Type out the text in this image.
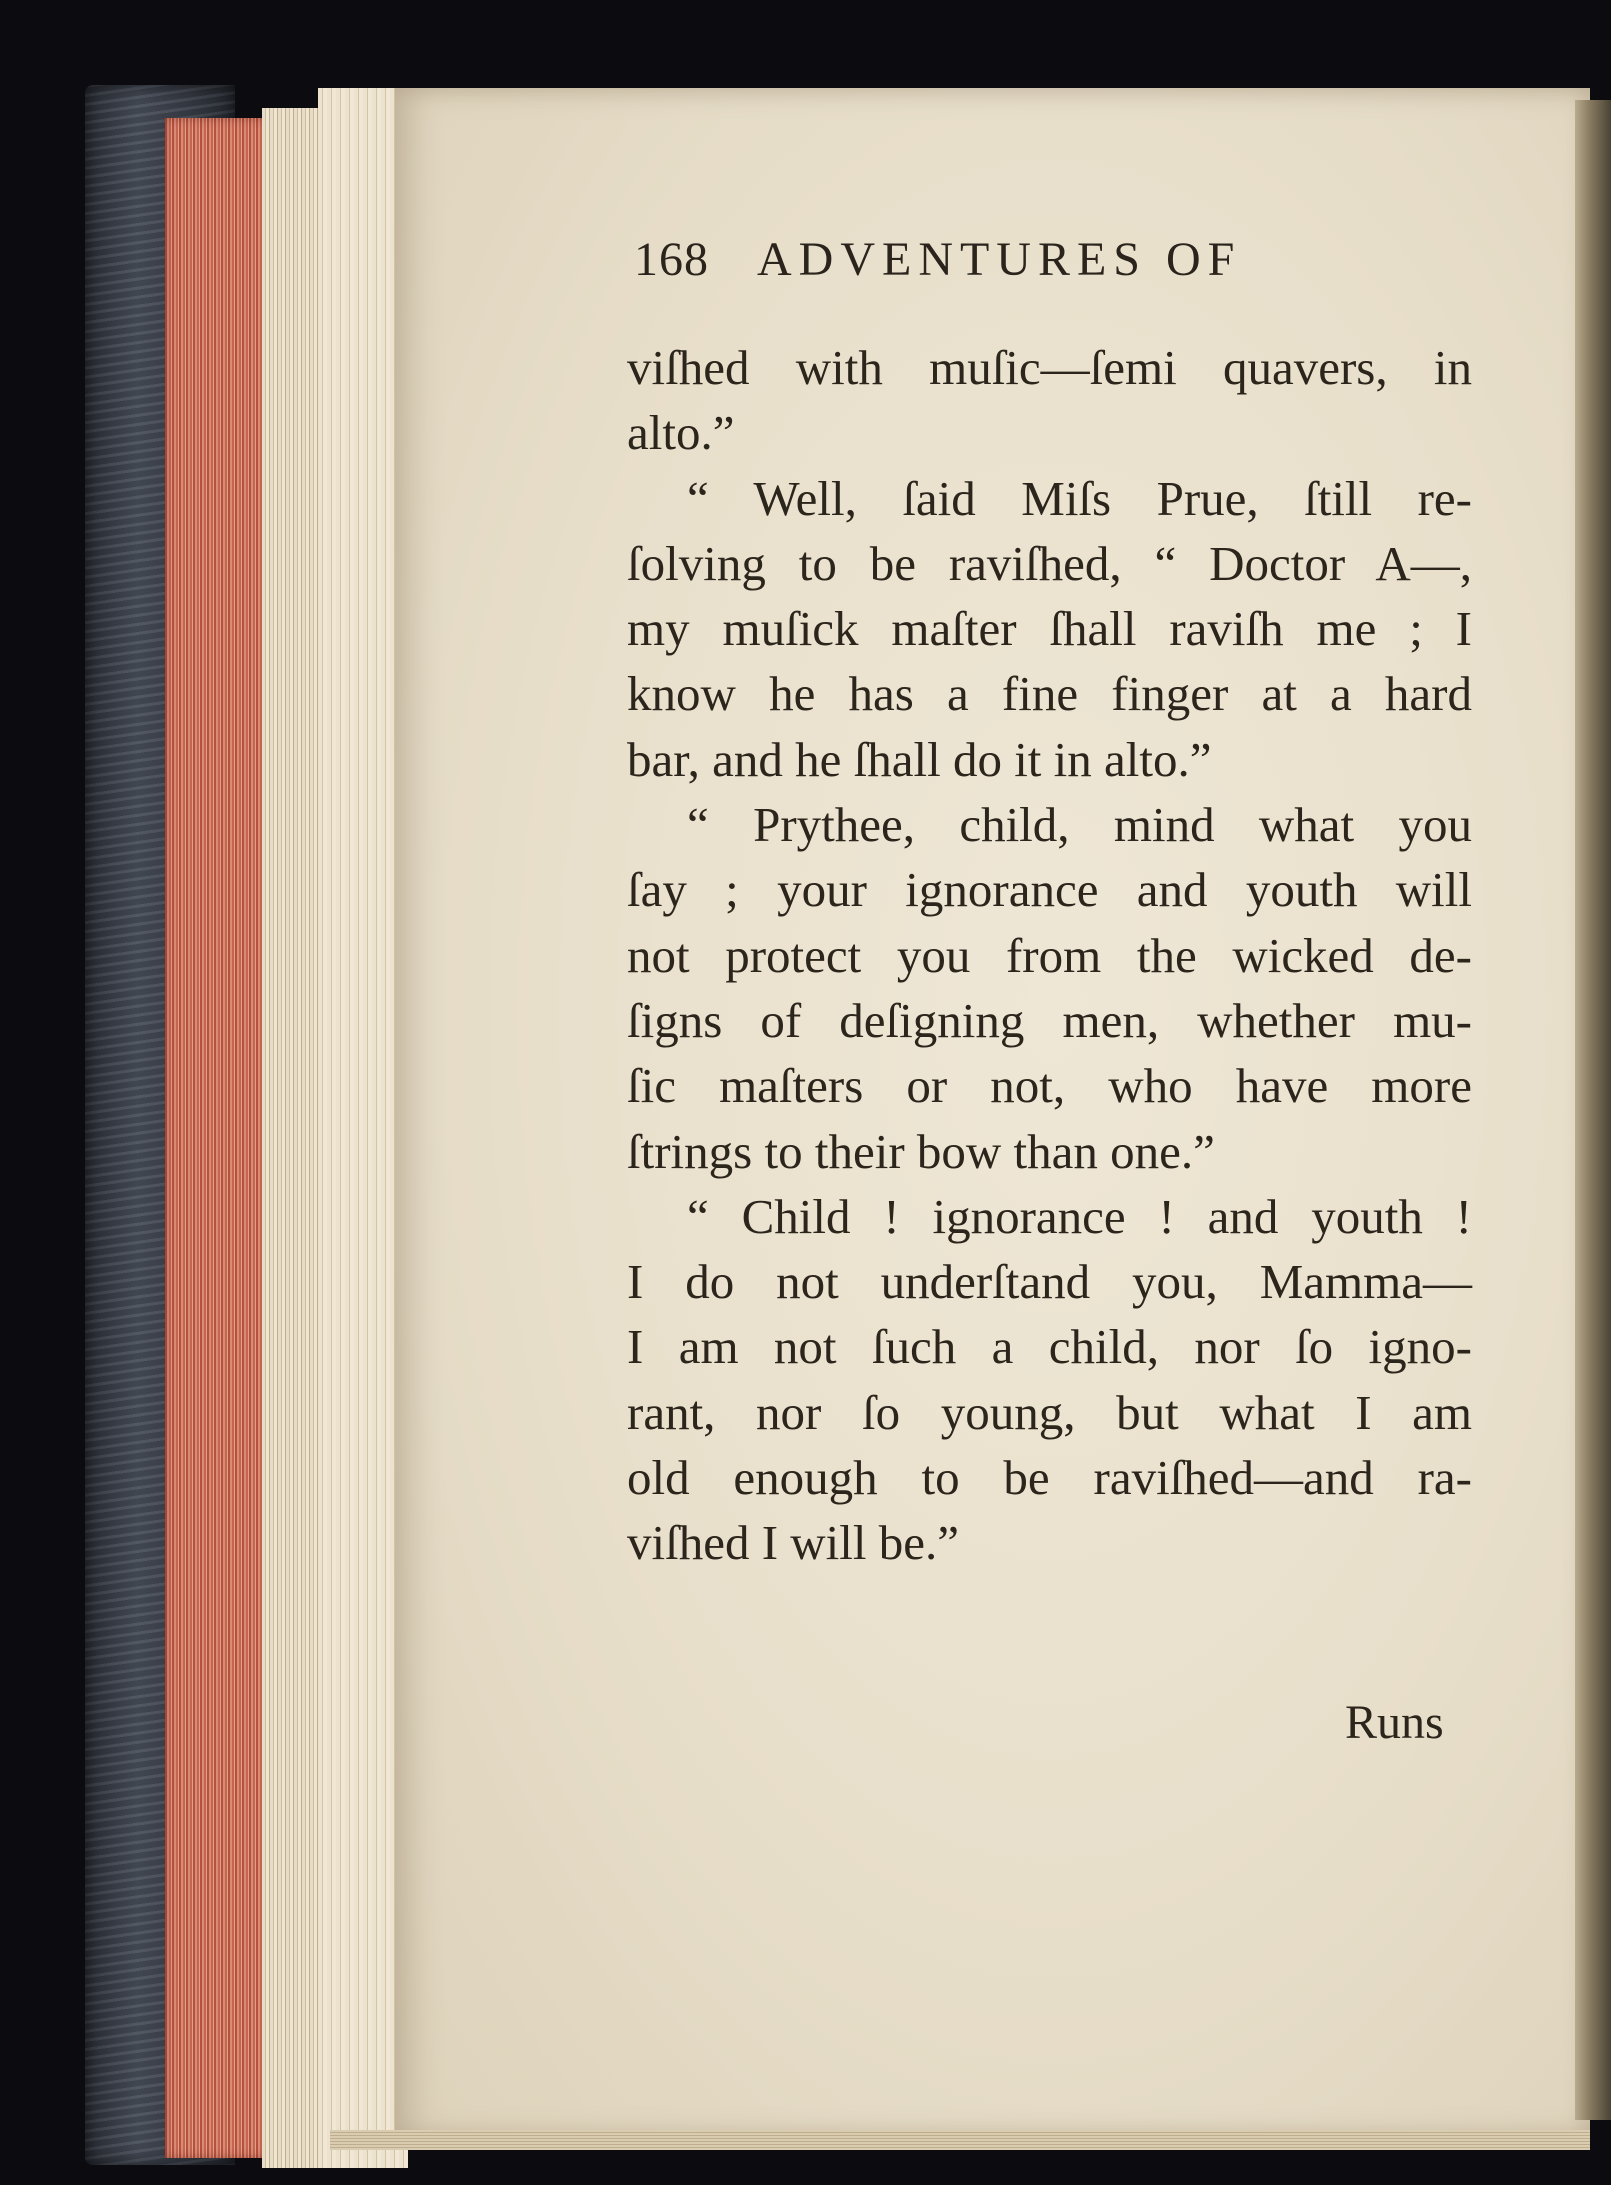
168 ADVENTURES OF
viſhed with muſic—ſemi quavers, in
alto.”
“ Well, ſaid Miſs Prue, ſtill re-
ſolving to be raviſhed, “ Doctor A—,
my muſick maſter ſhall raviſh me ; I
know he has a fine finger at a hard
bar, and he ſhall do it in alto.”
“ Prythee, child, mind what you
ſay ; your ignorance and youth will
not protect you from the wicked de-
ſigns of deſigning men, whether mu-
ſic maſters or not, who have more
ſtrings to their bow than one.”
“ Child ! ignorance ! and youth !
I do not underſtand you, Mamma—
I am not ſuch a child, nor ſo igno-
rant, nor ſo young, but what I am
old enough to be raviſhed—and ra-
viſhed I will be.”
Runs
